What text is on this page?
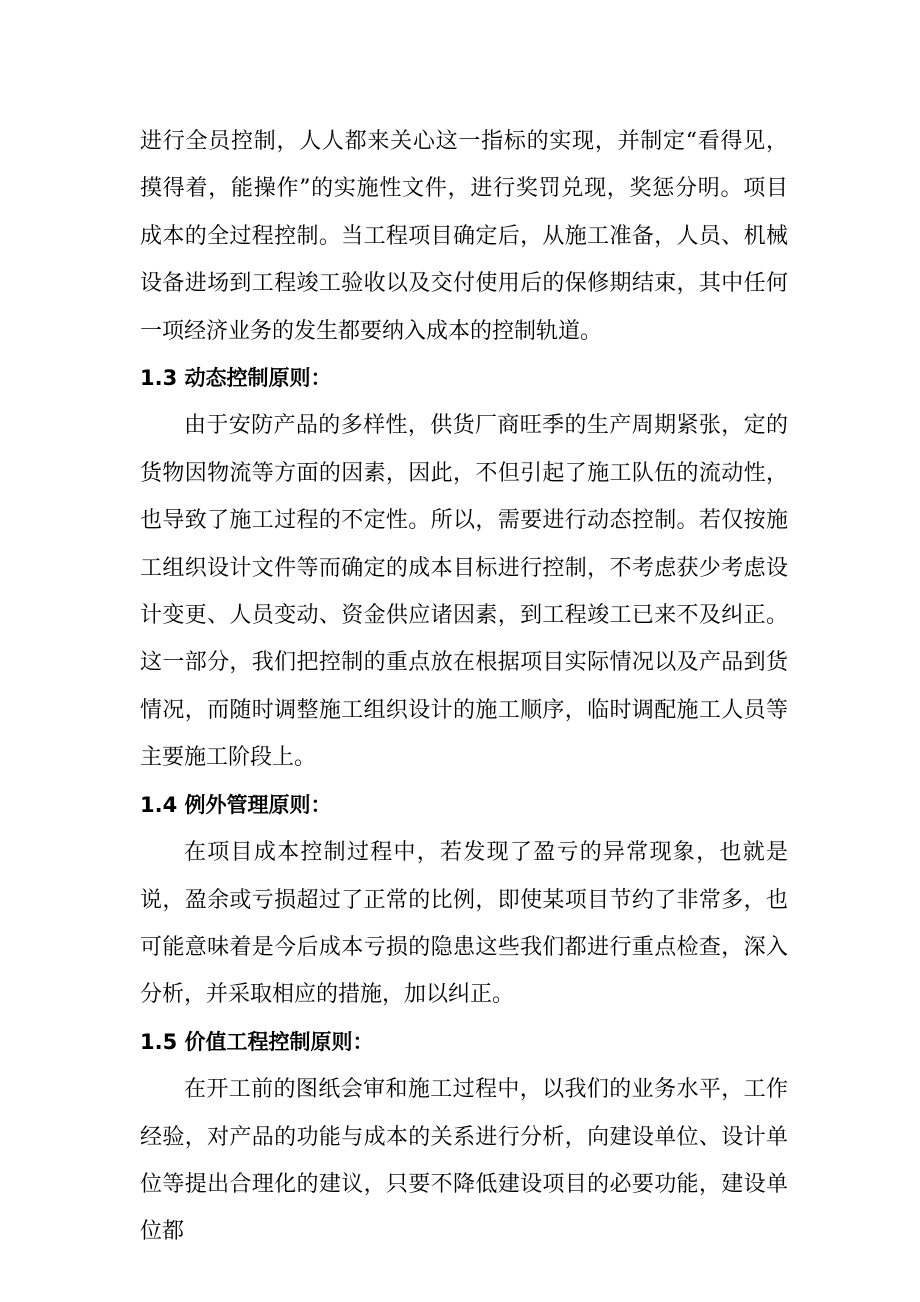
进行全员控制，人人都来关心这一指标的实现，并制定“看得见，摸得着，能操作”的实施性文件，进行奖罚兑现，奖惩分明。项目成本的全过程控制。当工程项目确定后，从施工准备，人员、机械设备进场到工程竣工验收以及交付使用后的保修期结束，其中任何一项经济业务的发生都要纳入成本的控制轨道。

1.3 动态控制原则：

由于安防产品的多样性，供货厂商旺季的生产周期紧张，定的货物因物流等方面的因素，因此，不但引起了施工队伍的流动性，也导致了施工过程的不定性。所以，需要进行动态控制。若仅按施工组织设计文件等而确定的成本目标进行控制，不考虑获少考虑设计变更、人员变动、资金供应诸因素，到工程竣工已来不及纠正。这一部分，我们把控制的重点放在根据项目实际情况以及产品到货情况，而随时调整施工组织设计的施工顺序，临时调配施工人员等主要施工阶段上。

1.4 例外管理原则：

在项目成本控制过程中，若发现了盈亏的异常现象，也就是说，盈余或亏损超过了正常的比例，即使某项目节约了非常多，也可能意味着是今后成本亏损的隐患这些我们都进行重点检查，深入分析，并采取相应的措施，加以纠正。

1.5 价值工程控制原则：

在开工前的图纸会审和施工过程中，以我们的业务水平，工作经验，对产品的功能与成本的关系进行分析，向建设单位、设计单位等提出合理化的建议，只要不降低建设项目的必要功能，建设单位都
